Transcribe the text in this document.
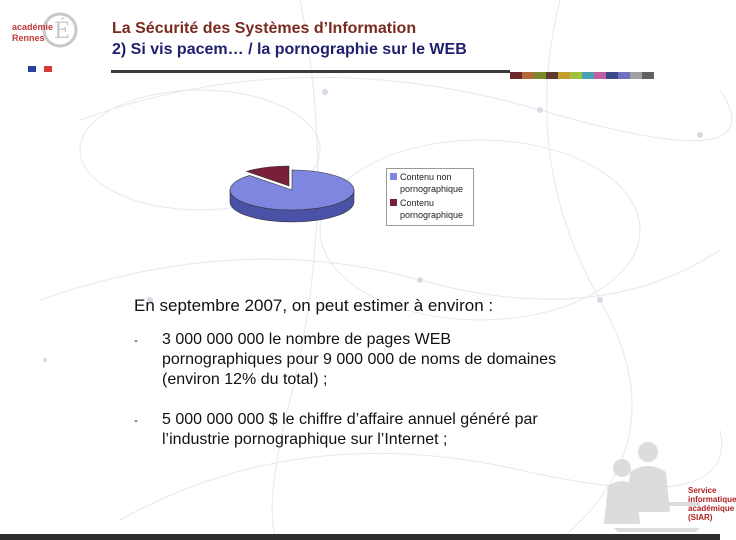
É
académie
Rennes
La Sécurité des Systèmes d’Information
2) Si vis pacem… / la pornographie sur le WEB
Contenu non pornographique
Contenu pornographique
En septembre 2007, on peut estimer à environ :
-	3 000 000 000 le nombre de pages WEB pornographiques pour 9 000 000 de noms de domaines (environ 12% du total) ;
-	5 000 000 000 $ le chiffre d’affaire annuel généré par l’industrie pornographique sur l’Internet ;
Service
informatique
académique
(SIAR)
